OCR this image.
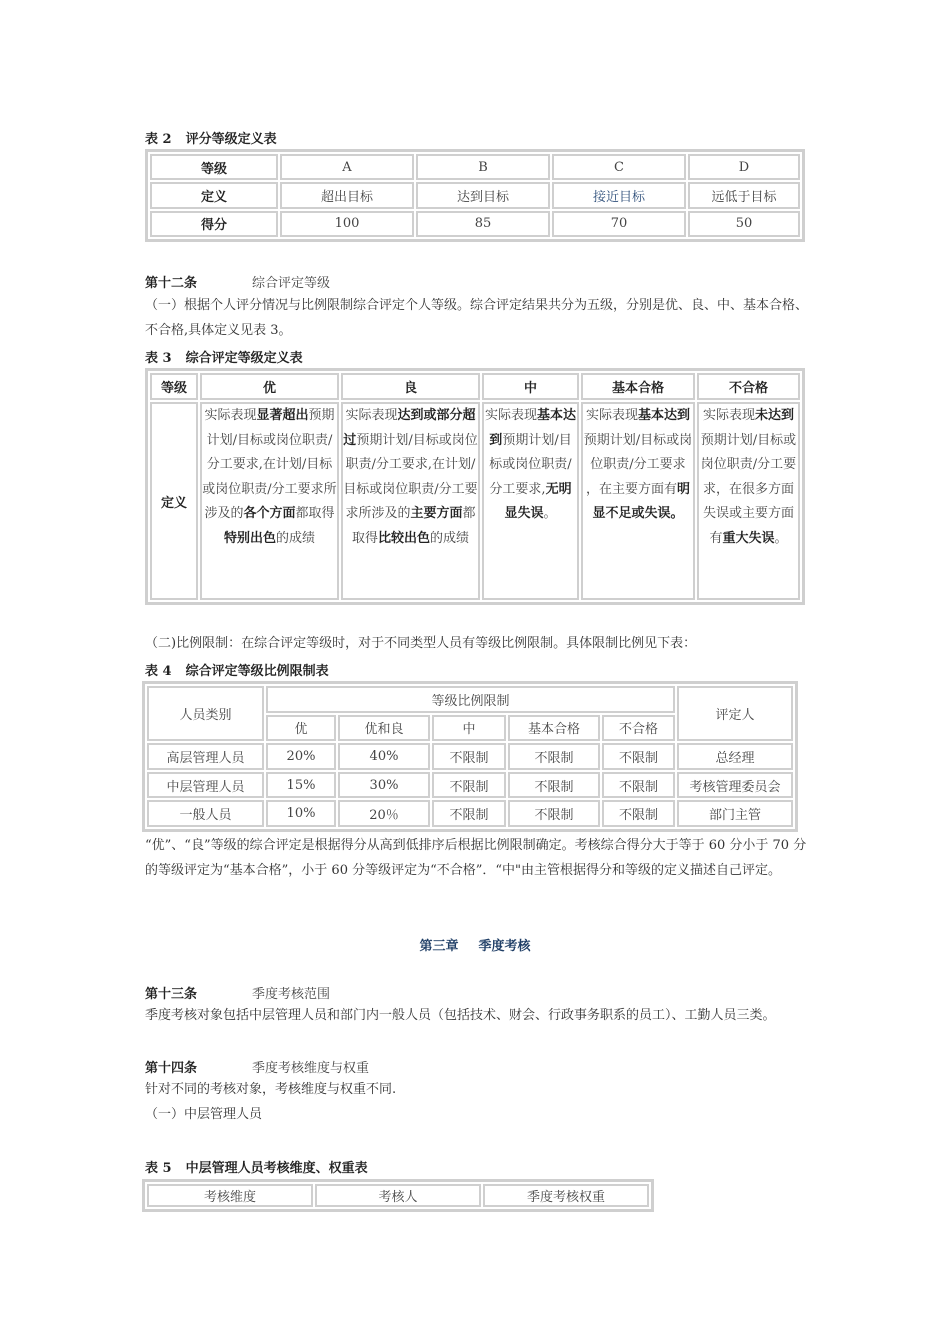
表 2 评分等级定义表
等级	A	B	C	D
定义	超出目标	达到目标	接近目标	远低于目标
得分	100	85	70	50
第十二条	综合评定等级
（一）根据个人评分情况与比例限制综合评定个人等级。综合评定结果共分为五级，分别是优、良、中、基本合格、不合格,具体定义见表 3。
表 3 综合评定等级定义表
等级	优	良	中	基本合格	不合格
定义	实际表现显著超出预期计划/目标或岗位职责/分工要求,在计划/目标或岗位职责/分工要求所涉及的各个方面都取得特别出色的成绩	实际表现达到或部分超过预期计划/目标或岗位职责/分工要求,在计划/目标或岗位职责/分工要求所涉及的主要方面都取得比较出色的成绩	实际表现基本达到预期计划/目标或岗位职责/分工要求,无明显失误。	实际表现基本达到预期计划/目标或岗位职责/分工要求 ，在主要方面有明显不足或失误。	实际表现未达到预期计划/目标或岗位职责/分工要求，在很多方面失误或主要方面有重大失误。
（二)比例限制：在综合评定等级时，对于不同类型人员有等级比例限制。具体限制比例见下表：
表 4 综合评定等级比例限制表
人员类别	等级比例限制					评定人
	优	优和良	中	基本合格	不合格	
高层管理人员	20%	40%	不限制	不限制	不限制	总经理
中层管理人员	15%	30%	不限制	不限制	不限制	考核管理委员会
一般人员	10%	20％	不限制	不限制	不限制	部门主管
“优”、“良”等级的综合评定是根据得分从高到低排序后根据比例限制确定。考核综合得分大于等于 60 分小于 70 分的等级评定为“基本合格”，小于 60 分等级评定为“不合格”．“中"由主管根据得分和等级的定义描述自己评定。
第三章 季度考核
第十三条	季度考核范围
季度考核对象包括中层管理人员和部门内一般人员（包括技术、财会、行政事务职系的员工）、工勤人员三类。
第十四条	季度考核维度与权重
针对不同的考核对象，考核维度与权重不同.
（一）中层管理人员
表 5 中层管理人员考核维度、权重表
考核维度	考核人	季度考核权重
